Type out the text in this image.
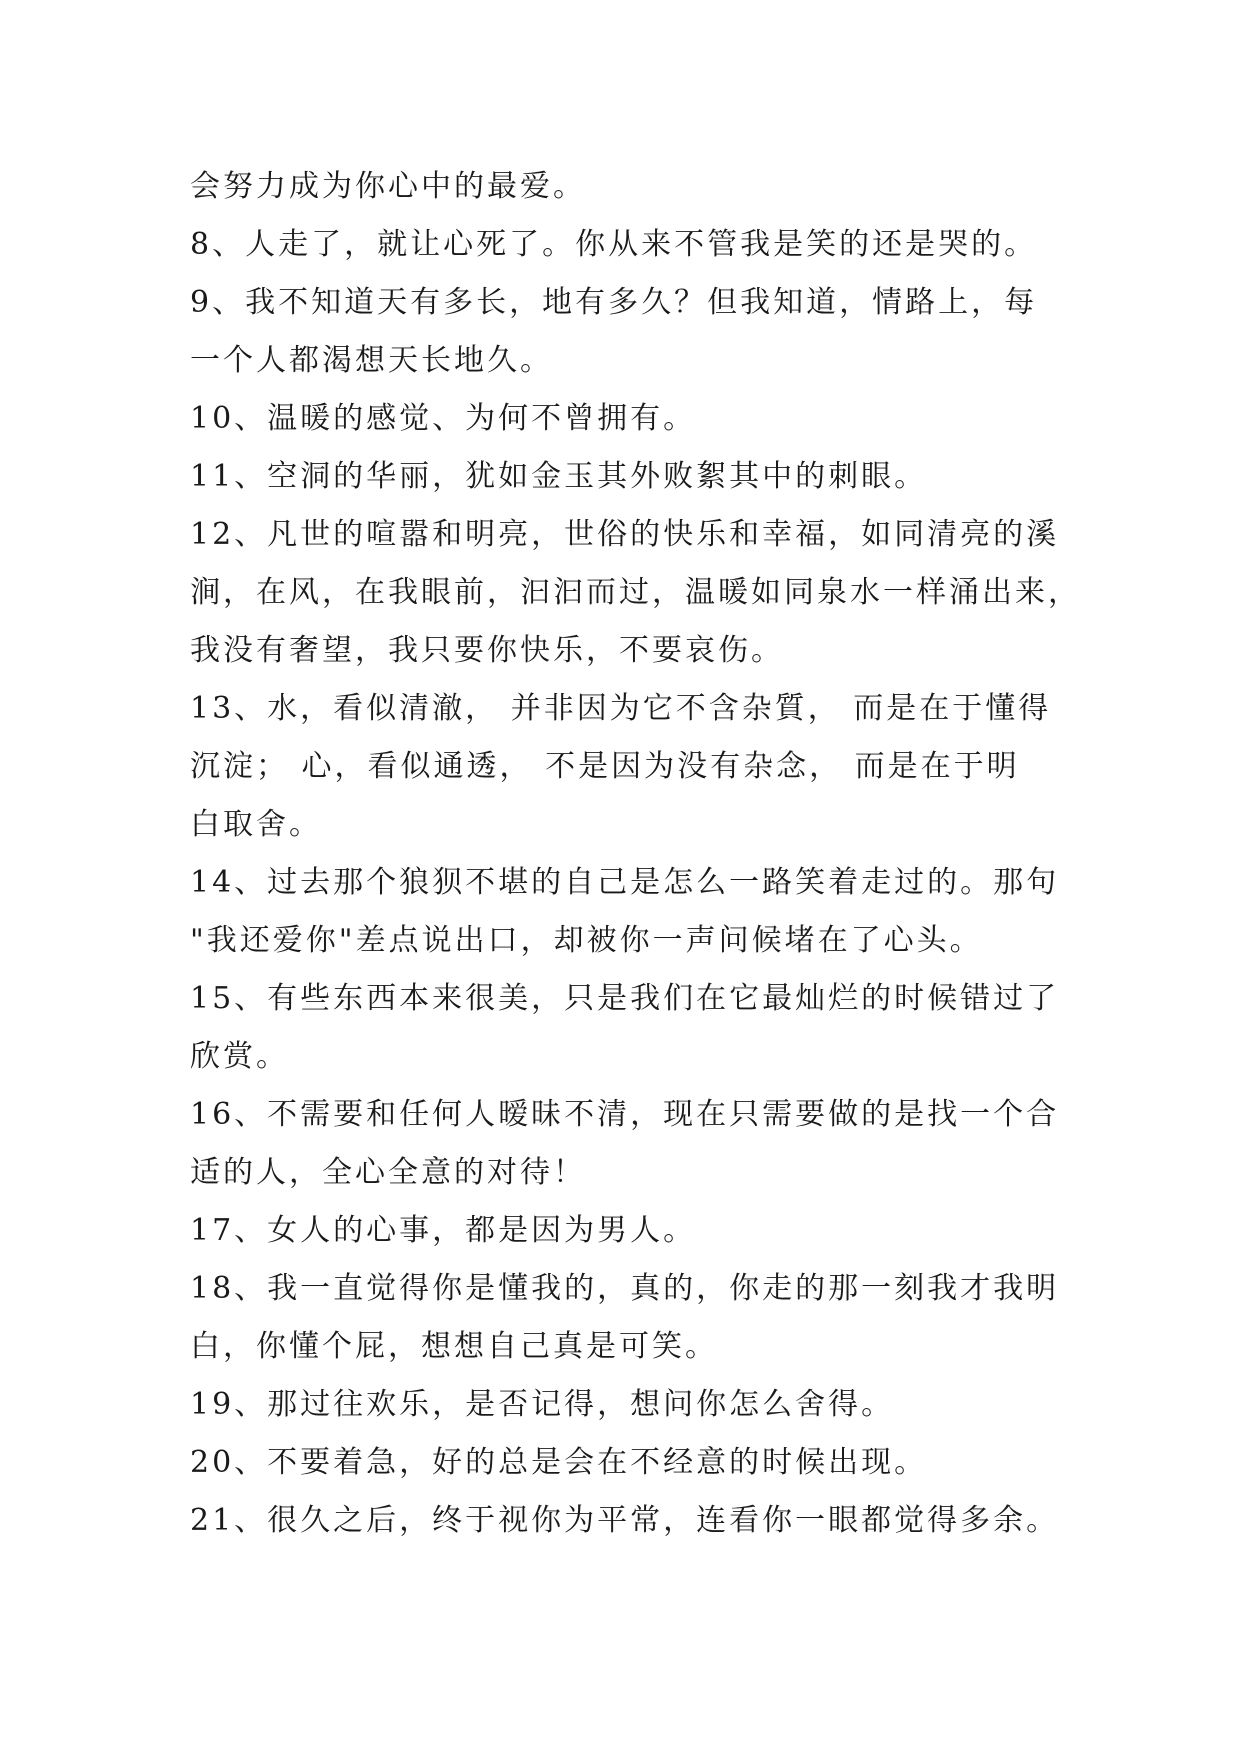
会努力成为你心中的最爱。
8、人走了，就让心死了。你从来不管我是笑的还是哭的。
9、我不知道天有多长，地有多久？但我知道，情路上，每
一个人都渴想天长地久。
10、温暖的感觉、为何不曾拥有。
11、空洞的华丽，犹如金玉其外败絮其中的刺眼。
12、凡世的喧嚣和明亮，世俗的快乐和幸福，如同清亮的溪
涧，在风，在我眼前，汩汩而过，温暖如同泉水一样涌出来，
我没有奢望，我只要你快乐，不要哀伤。
13、水，看似清澈， 并非因为它不含杂質， 而是在于懂得
沉淀； 心，看似通透， 不是因为没有杂念， 而是在于明
白取舍。
14、过去那个狼狈不堪的自己是怎么一路笑着走过的。那句
"我还爱你"差点说出口，却被你一声问候堵在了心头。
15、有些东西本来很美，只是我们在它最灿烂的时候错过了
欣赏。
16、不需要和任何人暧昧不清，现在只需要做的是找一个合
适的人，全心全意的对待！
17、女人的心事，都是因为男人。
18、我一直觉得你是懂我的，真的，你走的那一刻我才我明
白，你懂个屁，想想自己真是可笑。
19、那过往欢乐，是否记得，想问你怎么舍得。
20、不要着急，好的总是会在不经意的时候出现。
21、很久之后，终于视你为平常，连看你一眼都觉得多余。
